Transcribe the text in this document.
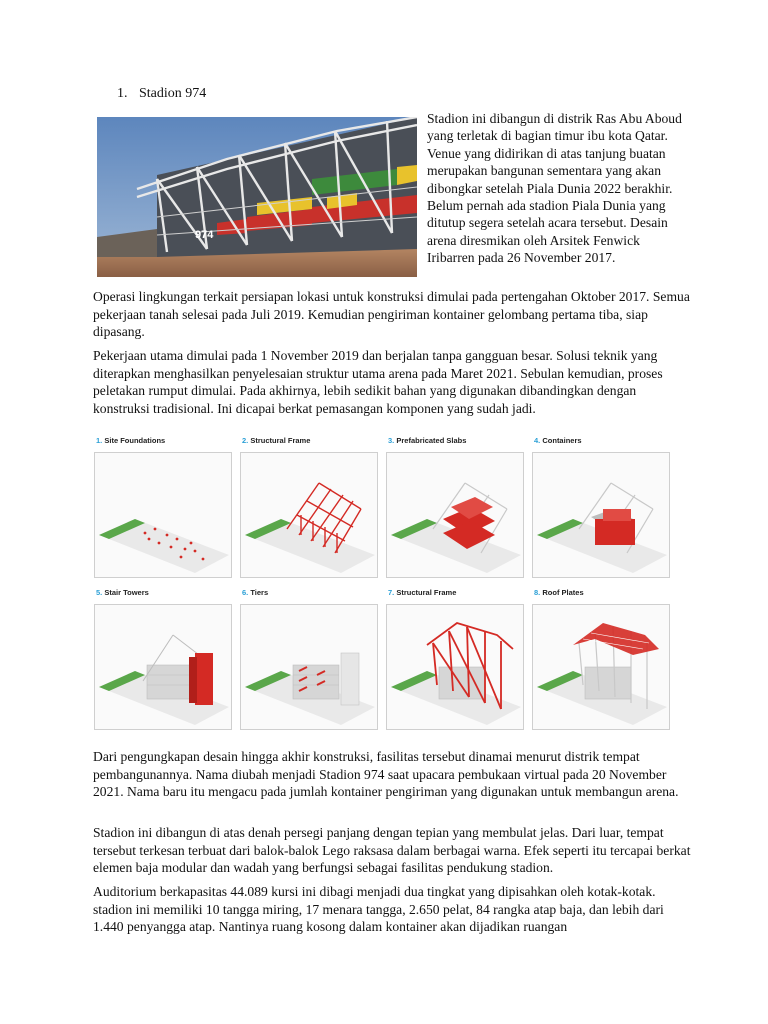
1. Stadion 974
974
Stadion ini dibangun di distrik Ras Abu Aboud yang terletak di bagian timur ibu kota Qatar. Venue yang didirikan di atas tanjung buatan merupakan bangunan sementara yang akan dibongkar setelah Piala Dunia 2022 berakhir. Belum pernah ada stadion Piala Dunia yang ditutup segera setelah acara tersebut. Desain arena diresmikan oleh Arsitek Fenwick Iribarren pada 26 November 2017.

Operasi lingkungan terkait persiapan lokasi untuk konstruksi dimulai pada pertengahan Oktober 2017. Semua pekerjaan tanah selesai pada Juli 2019. Kemudian pengiriman kontainer gelombang pertama tiba, siap dipasang.

Pekerjaan utama dimulai pada 1 November 2019 dan berjalan tanpa gangguan besar. Solusi teknik yang diterapkan menghasilkan penyelesaian struktur utama arena pada Maret 2021. Sebulan kemudian, proses peletakan rumput dimulai. Pada akhirnya, lebih sedikit bahan yang digunakan dibandingkan dengan konstruksi tradisional. Ini dicapai berkat pemasangan komponen yang sudah jadi.

1. Site Foundations	2. Structural Frame	3. Prefabricated Slabs	4. Containers
5. Stair Towers	6. Tiers	7. Structural Frame	8. Roof Plates

Dari pengungkapan desain hingga akhir konstruksi, fasilitas tersebut dinamai menurut distrik tempat pembangunannya. Nama diubah menjadi Stadion 974 saat upacara pembukaan virtual pada 20 November 2021. Nama baru itu mengacu pada jumlah kontainer pengiriman yang digunakan untuk membangun arena.

Stadion ini dibangun di atas denah persegi panjang dengan tepian yang membulat jelas. Dari luar, tempat tersebut terkesan terbuat dari balok-balok Lego raksasa dalam berbagai warna. Efek seperti itu tercapai berkat elemen baja modular dan wadah yang berfungsi sebagai fasilitas pendukung stadion.

Auditorium berkapasitas 44.089 kursi ini dibagi menjadi dua tingkat yang dipisahkan oleh kotak-kotak. stadion ini memiliki 10 tangga miring, 17 menara tangga, 2.650 pelat, 84 rangka atap baja, dan lebih dari 1.440 penyangga atap. Nantinya ruang kosong dalam kontainer akan dijadikan ruangan
